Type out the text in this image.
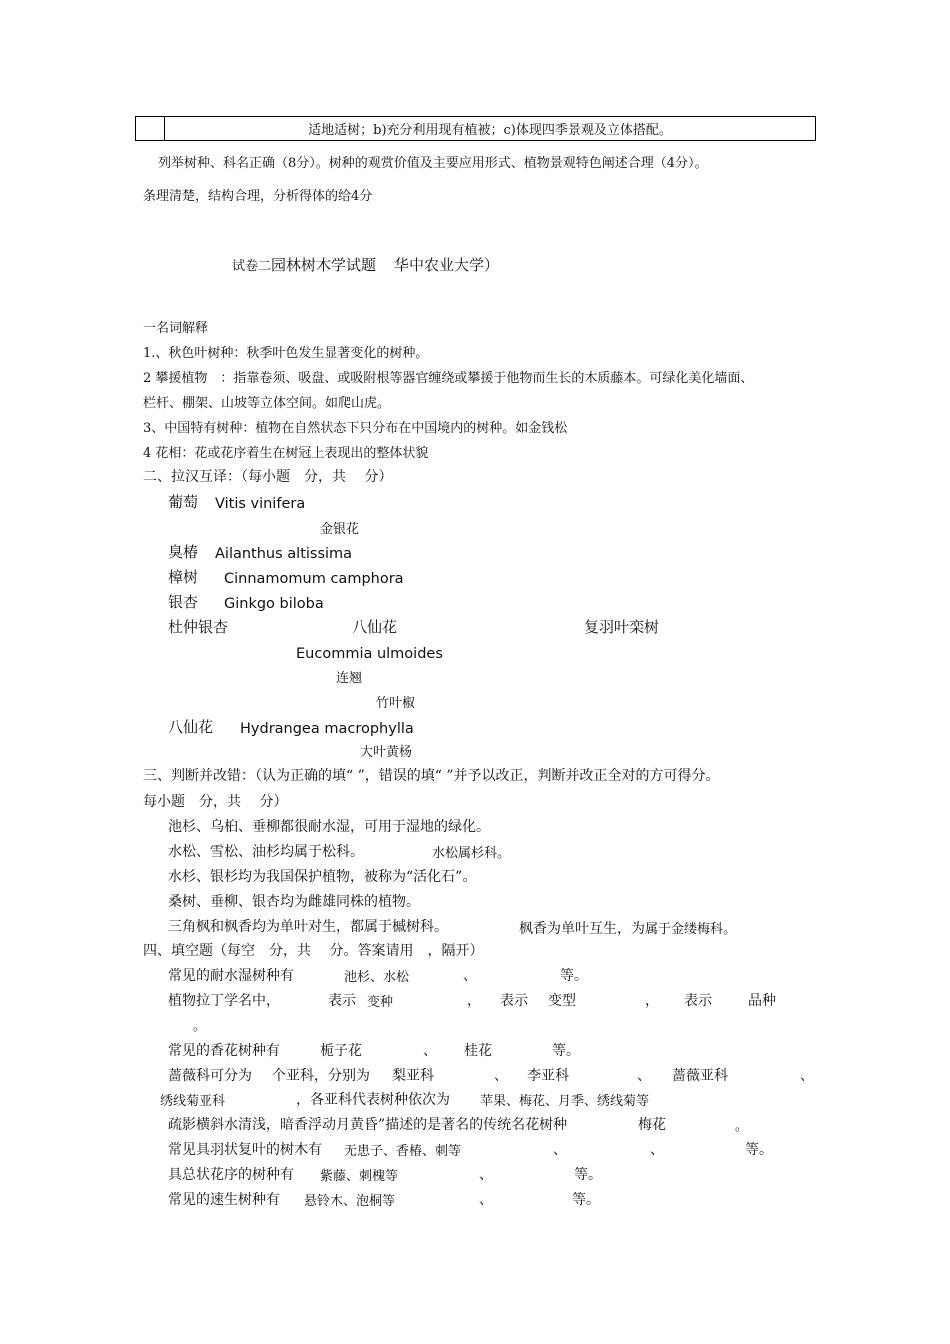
适地适树；b)充分利用现有植被；c)体现四季景观及立体搭配。
列举树种、科名正确（8分）。树种的观赏价值及主要应用形式、植物景观特色阐述合理（4分）。
条理清楚，结构合理，分析得体的给4分
试卷二园林树木学试题 华中农业大学）
一名词解释
1.、秋色叶树种：秋季叶色发生显著变化的树种。
2 攀援植物　：指靠卷须、吸盘、或吸附根等器官缠绕或攀援于他物而生长的木质藤本。可绿化美化墙面、
栏杆、棚架、山坡等立体空间。如爬山虎。
3、中国特有树种：植物在自然状态下只分布在中国境内的树种。如金钱松
4 花相：花或花序着生在树冠上表现出的整体状貌
二、拉汉互译：（每小题　分，共　 分）
葡萄 Vitis vinifera
金银花
臭椿 Ailanthus altissima
樟树 Cinnamomum camphora
银杏 Ginkgo biloba
杜仲银杏	八仙花	复羽叶栾树
Eucommia ulmoides
连翘
竹叶椒
八仙花 Hydrangea macrophylla
大叶黄杨
三、判断并改错：（认为正确的填“ ”，错误的填“ ”并予以改正，判断并改正全对的方可得分。
每小题　分，共　 分）
池杉、乌桕、垂柳都很耐水湿，可用于湿地的绿化。
水松、雪松、油杉均属于松科。	水松属杉科。
水杉、银杉均为我国保护植物，被称为“活化石”。
桑树、垂柳、银杏均为雌雄同株的植物。
三角枫和枫香均为单叶对生，都属于槭树科。	枫香为单叶互生，为属于金缕梅科。
四、填空题（每空　分，共　 分。答案请用　，隔开）
常见的耐水湿树种有	池杉、水松	、	等。
植物拉丁学名中，	表示 变种	， 表示 变型	， 表示	品种
。
常见的香花树种有	栀子花	、 桂花	等。
蔷薇科可分为 个亚科，分别为 梨亚科	、 李亚科	、 蔷薇亚科	、
绣线菊亚科	，各亚科代表树种依次为 苹果、梅花、月季、绣线菊等
疏影横斜水清浅，暗香浮动月黄昏”描述的是著名的传统名花树种	梅花	。
常见具羽状复叶的树木有 无患子、香椿、刺等	、	、	等。
具总状花序的树种有 紫藤、刺槐等	、	等。
常见的速生树种有 悬铃木、泡桐等	、	等。
